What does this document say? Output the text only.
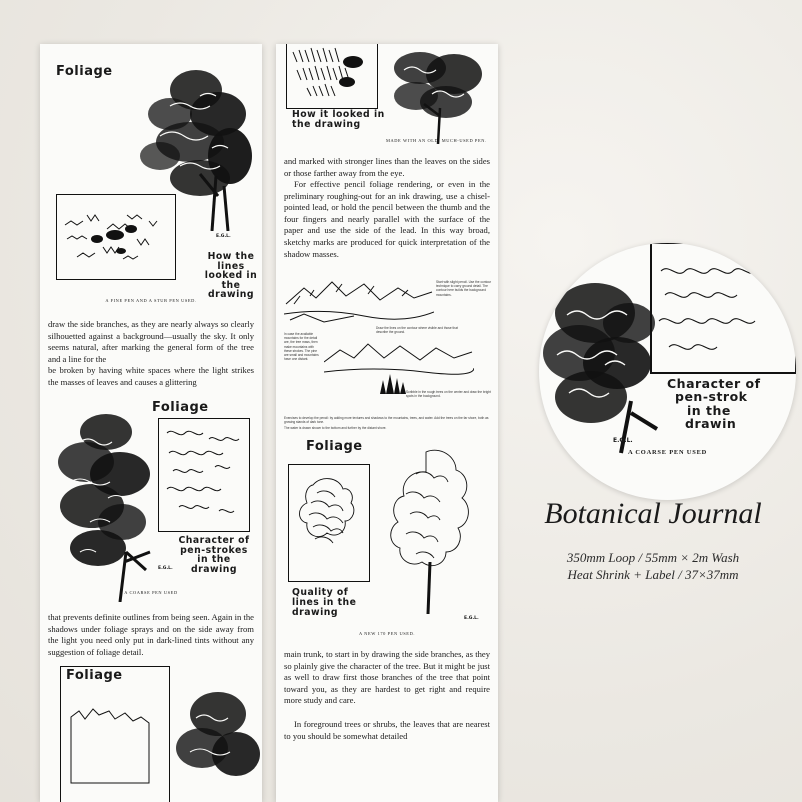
Foliage
E.G.L.
How the
lines
looked in
the drawing
A FINE PEN AND A STUB PEN USED.
draw the side branches, as they are nearly always so clearly silhouetted against a background—usually the sky. It only seems natural, after marking the general form of the tree and a line for the
be broken by having white spaces where the light strikes the masses of leaves and causes a glittering
Foliage
E.G.L.
Character of
pen-strokes
in the
drawing
A COARSE PEN USED
that prevents definite outlines from being seen. Again in the shadows under foliage sprays and on the side away from the light you need only put in dark-lined tints without any suggestion of foliage detail.
Foliage
How it looked in
the drawing
MADE WITH AN OLD, MUCH-USED PEN.
and marked with stronger lines than the leaves on the sides or those farther away from the eye.
For effective pencil foliage rendering, or even in the preliminary roughing-out for an ink drawing, use a chisel-pointed lead, or hold the pencil between the thumb and the four fingers and nearly parallel with the surface of the paper and use the side of the lead. In this way broad, sketchy marks are produced for quick interpretation of the shadow masses.
Start with slight pencil. Use the contour technique to carry ground detail. The contour here builds the background mountains.
Draw the lines on the contour where visible and those that describe the ground.
In case the available mountains for the detail are, the tree mass, then make mountains with these strokes. The pine are small and mountains have one distant.
Scribble in the rough trees on the center and draw the bright spots in the background.
Exercises to develop the pencil: by adding more textures and shadows to the mountains, trees, and water. Add the trees on the far shore, both as growing stands of dark tone.
The water is drawn shown to the bottom and further by the distant shore.
Foliage
E.G.L.
Quality of
lines in the
drawing
A NEW 170 PEN USED.
main trunk, to start in by drawing the side branches, as they so plainly give the character of the tree. But it might be just as well to draw first those branches of the tree that point toward you, as they are hardest to get right and require more study and care.
In foreground trees or shrubs, the leaves that are nearest to you should be somewhat detailed
Character of
pen-strok
in the
drawin
E.G.L.
A COARSE PEN USED
Botanical Journal
350mm Loop / 55mm × 2m Wash
Heat Shrink + Label / 37×37mm
